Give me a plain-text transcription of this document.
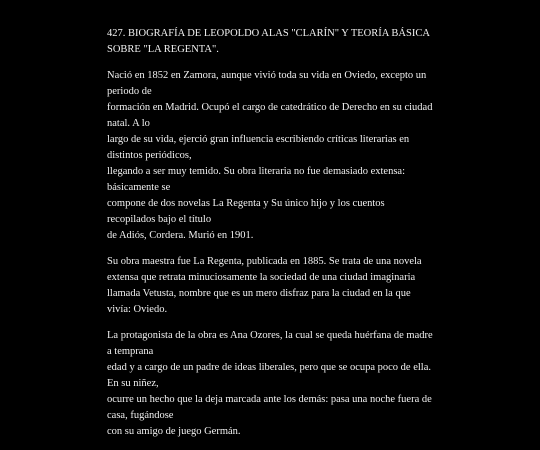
427. BIOGRAFÍA DE LEOPOLDO ALAS "CLARÍN" Y TEORÍA BÁSICA SOBRE "LA REGENTA".
Nació en 1852 en Zamora, aunque vivió toda su vida en Oviedo, excepto un periodo de
formación en Madrid. Ocupó el cargo de catedrático de Derecho en su ciudad natal. A lo
largo de su vida, ejerció gran influencia escribiendo críticas literarias en distintos periódicos,
llegando a ser muy temido. Su obra literaria no fue demasiado extensa: básicamente se
compone de dos novelas La Regenta y Su único hijo y los cuentos recopilados bajo el título
de Adiós, Cordera. Murió en 1901.
Su obra maestra fue La Regenta, publicada en 1885. Se trata de una novela extensa que retrata minuciosamente la sociedad de una ciudad imaginaria llamada Vetusta, nombre que es un mero disfraz para la ciudad en la que vivía: Oviedo.
La protagonista de la obra es Ana Ozores, la cual se queda huérfana de madre a temprana
edad y a cargo de un padre de ideas liberales, pero que se ocupa poco de ella. En su niñez,
ocurre un hecho que la deja marcada ante los demás: pasa una noche fuera de casa, fugándose
con su amigo de juego Germán.
